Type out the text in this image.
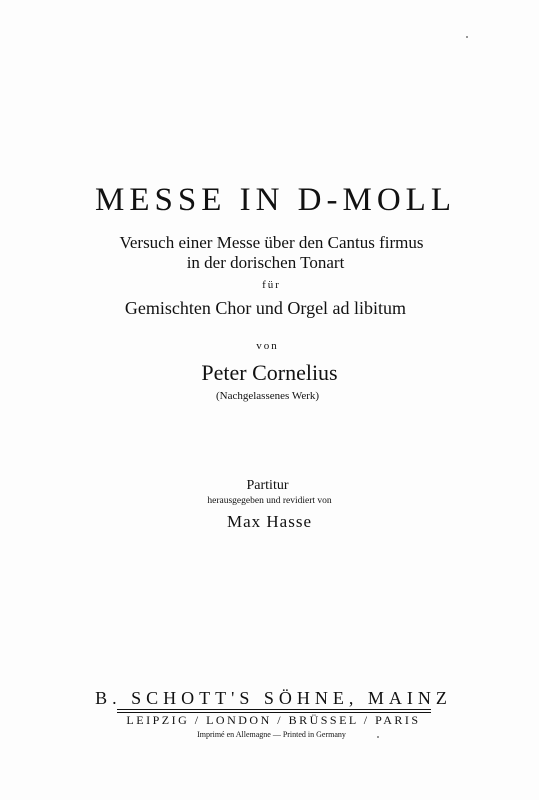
MESSE IN D-MOLL
Versuch einer Messe über den Cantus firmus
in der dorischen Tonart
für
Gemischten Chor und Orgel ad libitum
von
Peter Cornelius
(Nachgelassenes Werk)
Partitur
herausgegeben und revidiert von
Max Hasse
B. SCHOTT'S SÖHNE, MAINZ
LEIPZIG / LONDON / BRÜSSEL / PARIS
Imprimé en Allemagne — Printed in Germany
